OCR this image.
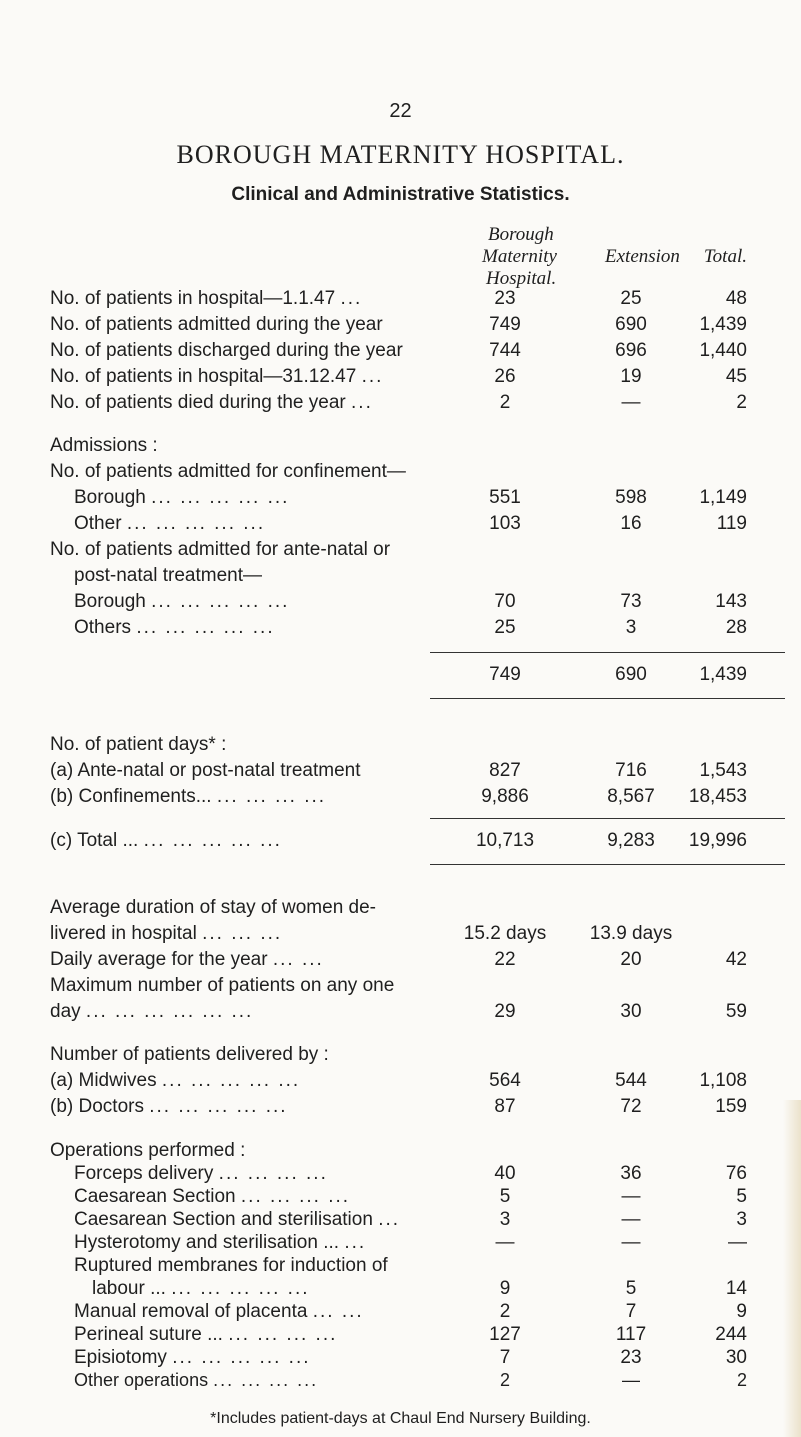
22
BOROUGH MATERNITY HOSPITAL.
Clinical and Administrative Statistics.
Borough
Maternity
Hospital.
Extension Total.
No. of patients in hospital—1.1.47 ...	23	25	48
No. of patients admitted during the year	749	690	1,439
No. of patients discharged during the year	744	696	1,440
No. of patients in hospital—31.12.47 ...	26	19	45
No. of patients died during the year ...	2	—	2
Admissions :
No. of patients admitted for confinement—
Borough ... ... ... ... ...	551	598	1,149
Other ... ... ... ... ...	103	16	119
No. of patients admitted for ante-natal or
post-natal treatment—
Borough ... ... ... ... ...	70	73	143
Others ... ... ... ... ...	25	3	28
749	690	1,439
No. of patient days* :
(a) Ante-natal or post-natal treatment	827	716	1,543
(b) Confinements... ... ... ... ...	9,886	8,567	18,453
(c) Total ... ... ... ... ... ...	10,713	9,283	19,996
Average duration of stay of women de-
livered in hospital ... ... ...	15.2 days	13.9 days
Daily average for the year ... ...	22	20	42
Maximum number of patients on any one
day ... ... ... ... ... ...	29	30	59
Number of patients delivered by :
(a) Midwives ... ... ... ... ...	564	544	1,108
(b) Doctors ... ... ... ... ...	87	72	159
Operations performed :
Forceps delivery ... ... ... ...	40	36	76
Caesarean Section ... ... ... ...	5	—	5
Caesarean Section and sterilisation ...	3	—	3
Hysterotomy and sterilisation ... ...	—	—	—
Ruptured membranes for induction of
labour ... ... ... ... ... ...	9	5	14
Manual removal of placenta ... ...	2	7	9
Perineal suture ... ... ... ... ...	127	117	244
Episiotomy ... ... ... ... ...	7	23	30
Other operations ... ... ... ...	2	—	2
*Includes patient-days at Chaul End Nursery Building.
